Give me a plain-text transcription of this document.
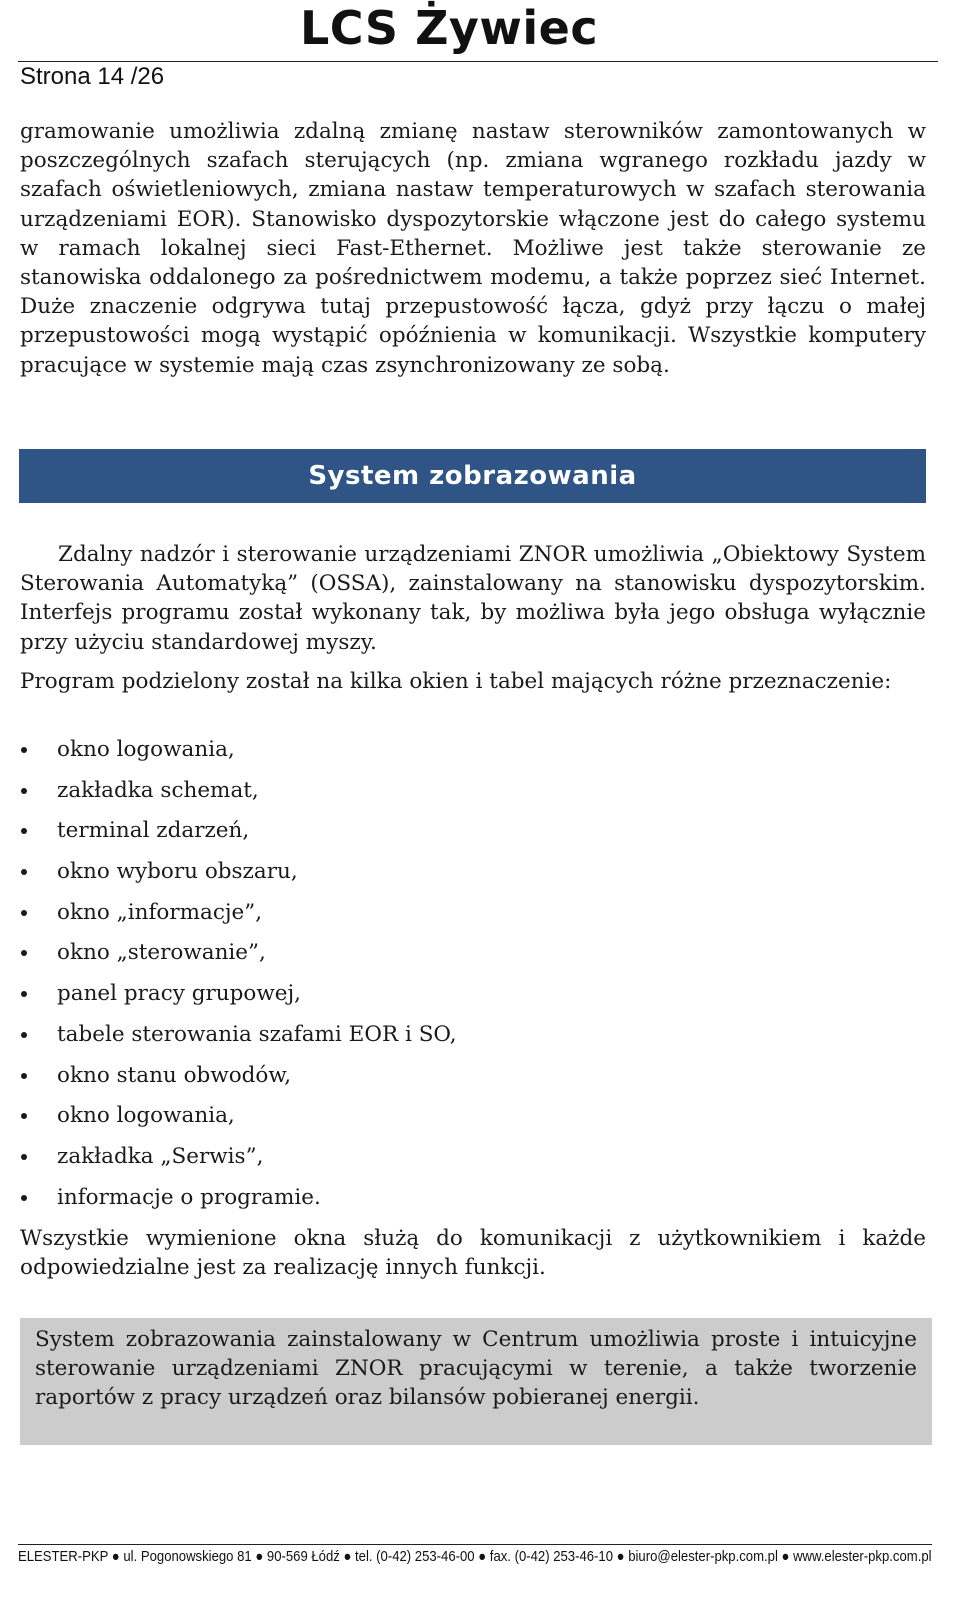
LCS Żywiec
Strona 14 /26

gramowanie umożliwia zdalną zmianę nastaw sterowników zamontowanych w poszczególnych szafach sterujących (np. zmiana wgranego rozkładu jazdy w szafach oświetleniowych, zmiana nastaw temperaturowych w szafach sterowania urządzeniami EOR). Stanowisko dyspozytorskie włączone jest do całego systemu w ramach lokalnej sieci Fast-Ethernet. Możliwe jest także sterowanie ze stanowiska oddalonego za pośrednictwem modemu, a także poprzez sieć Internet. Duże znaczenie odgrywa tutaj przepustowość łącza, gdyż przy łączu o małej przepustowości mogą wystąpić opóźnienia w komunikacji. Wszystkie komputery pracujące w systemie mają czas zsynchronizowany ze sobą.

System zobrazowania

Zdalny nadzór i sterowanie urządzeniami ZNOR umożliwia „Obiektowy System Sterowania Automatyką” (OSSA), zainstalowany na stanowisku dyspozytorskim. Interfejs programu został wykonany tak, by możliwa była jego obsługa wyłącznie przy użyciu standardowej myszy.

Program podzielony został na kilka okien i tabel mających różne przeznaczenie:

okno logowania,
zakładka schemat,
terminal zdarzeń,
okno wyboru obszaru,
okno „informacje”,
okno „sterowanie”,
panel pracy grupowej,
tabele sterowania szafami EOR i SO,
okno stanu obwodów,
okno logowania,
zakładka „Serwis”,
informacje o programie.

Wszystkie wymienione okna służą do komunikacji z użytkownikiem i każde odpowiedzialne jest za realizację innych funkcji.

System zobrazowania zainstalowany w Centrum umożliwia proste i intuicyjne sterowanie urządzeniami ZNOR pracującymi w terenie, a także tworzenie raportów z pracy urządzeń oraz bilansów pobieranej energii.

ELESTER-PKP ● ul. Pogonowskiego 81 ● 90-569 Łódź ● tel. (0-42) 253-46-00 ● fax. (0-42) 253-46-10 ● biuro@elester-pkp.com.pl ● www.elester-pkp.com.pl
